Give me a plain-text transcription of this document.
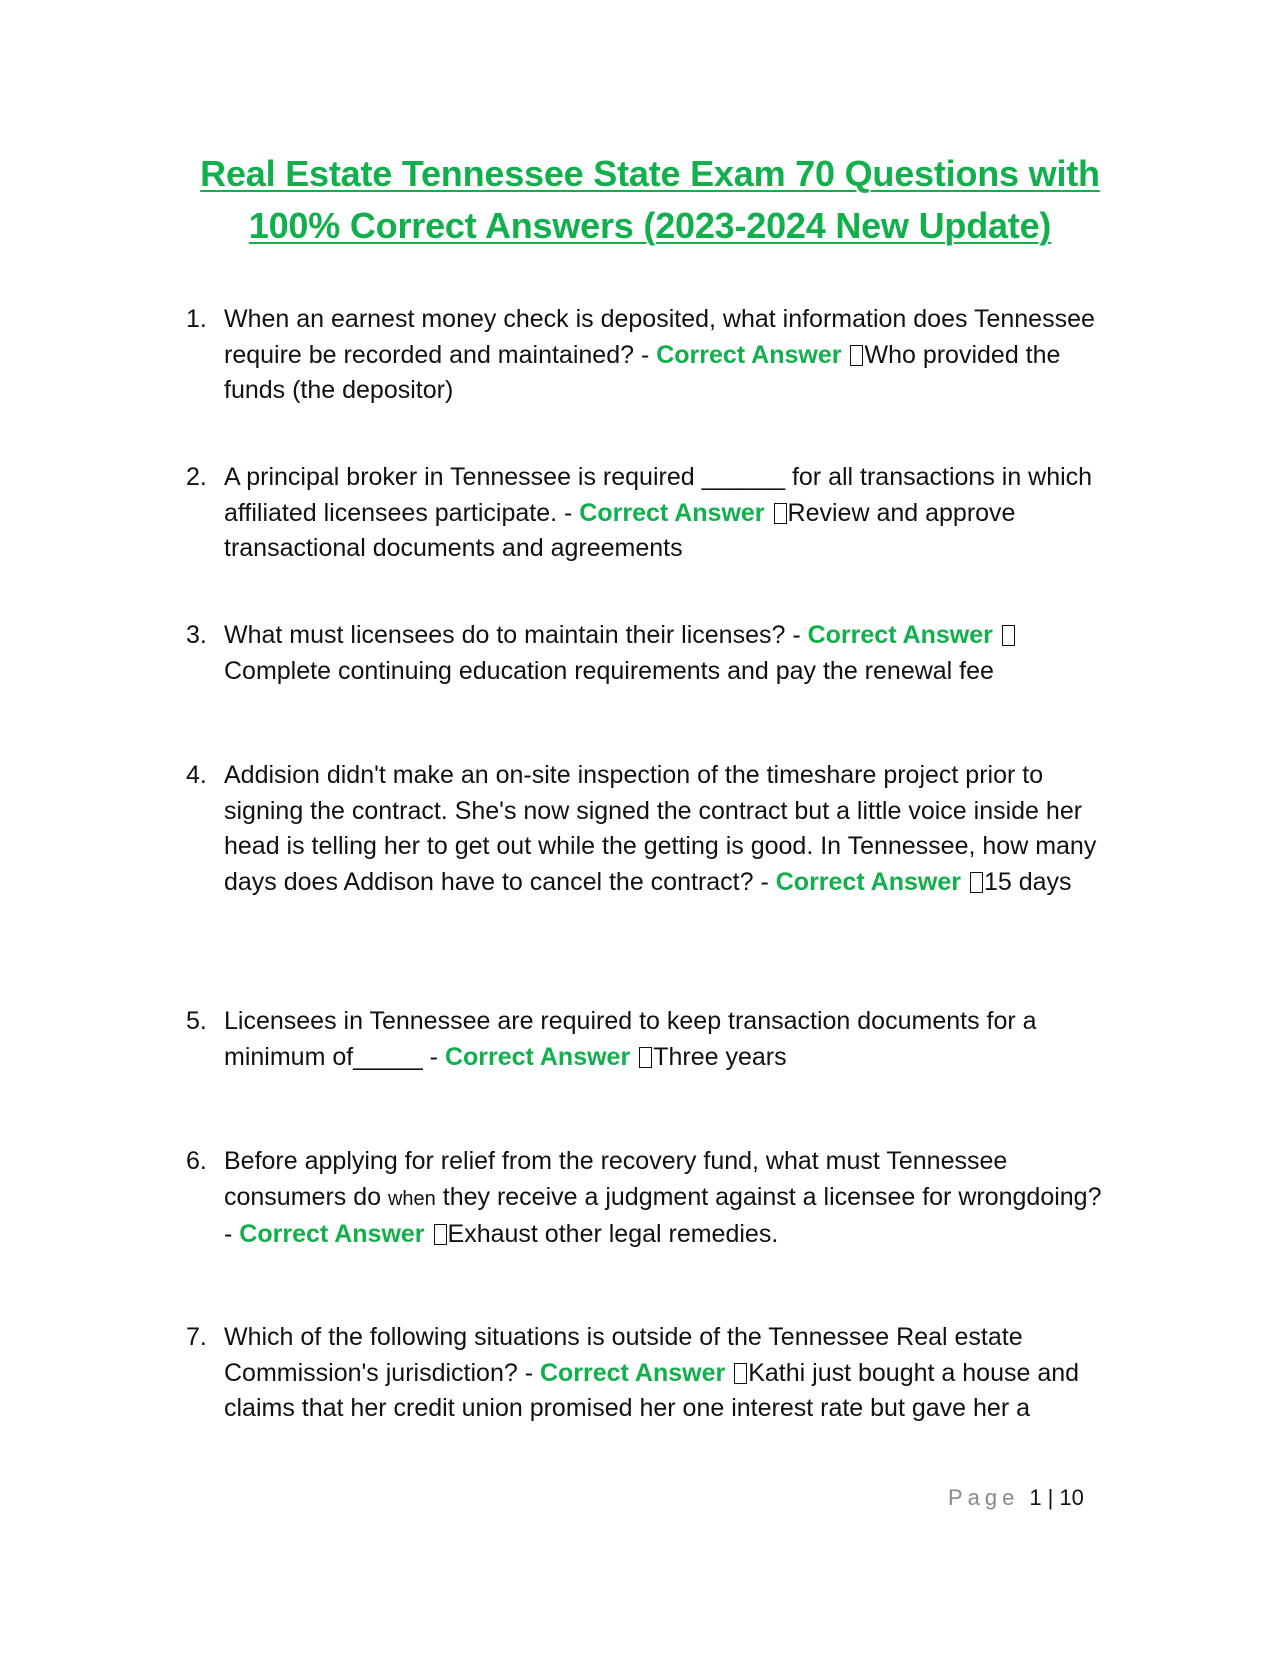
Real Estate Tennessee State Exam 70 Questions with 100% Correct Answers (2023-2024 New Update)
1. When an earnest money check is deposited, what information does Tennessee require be recorded and maintained? - Correct Answer Who provided the funds (the depositor)
2. A principal broker in Tennessee is required ______ for all transactions in which affiliated licensees participate. - Correct Answer Review and approve transactional documents and agreements
3. What must licensees do to maintain their licenses? - Correct AnswerComplete continuing education requirements and pay the renewal fee
4. Addision didn't make an on-site inspection of the timeshare project prior to signing the contract. She's now signed the contract but a little voice inside her head is telling her to get out while the getting is good. In Tennessee, how many days does Addison have to cancel the contract? - Correct Answer 15 days
5. Licensees in Tennessee are required to keep transaction documents for a minimum of_____ - Correct Answer Three years
6. Before applying for relief from the recovery fund, what must Tennessee consumers do when they receive a judgment against a licensee for wrongdoing? - Correct Answer Exhaust other legal remedies.
7. Which of the following situations is outside of the Tennessee Real estate Commission's jurisdiction? - Correct Answer Kathi just bought a house and claims that her credit union promised her one interest rate but gave her a
Page 1 | 10
